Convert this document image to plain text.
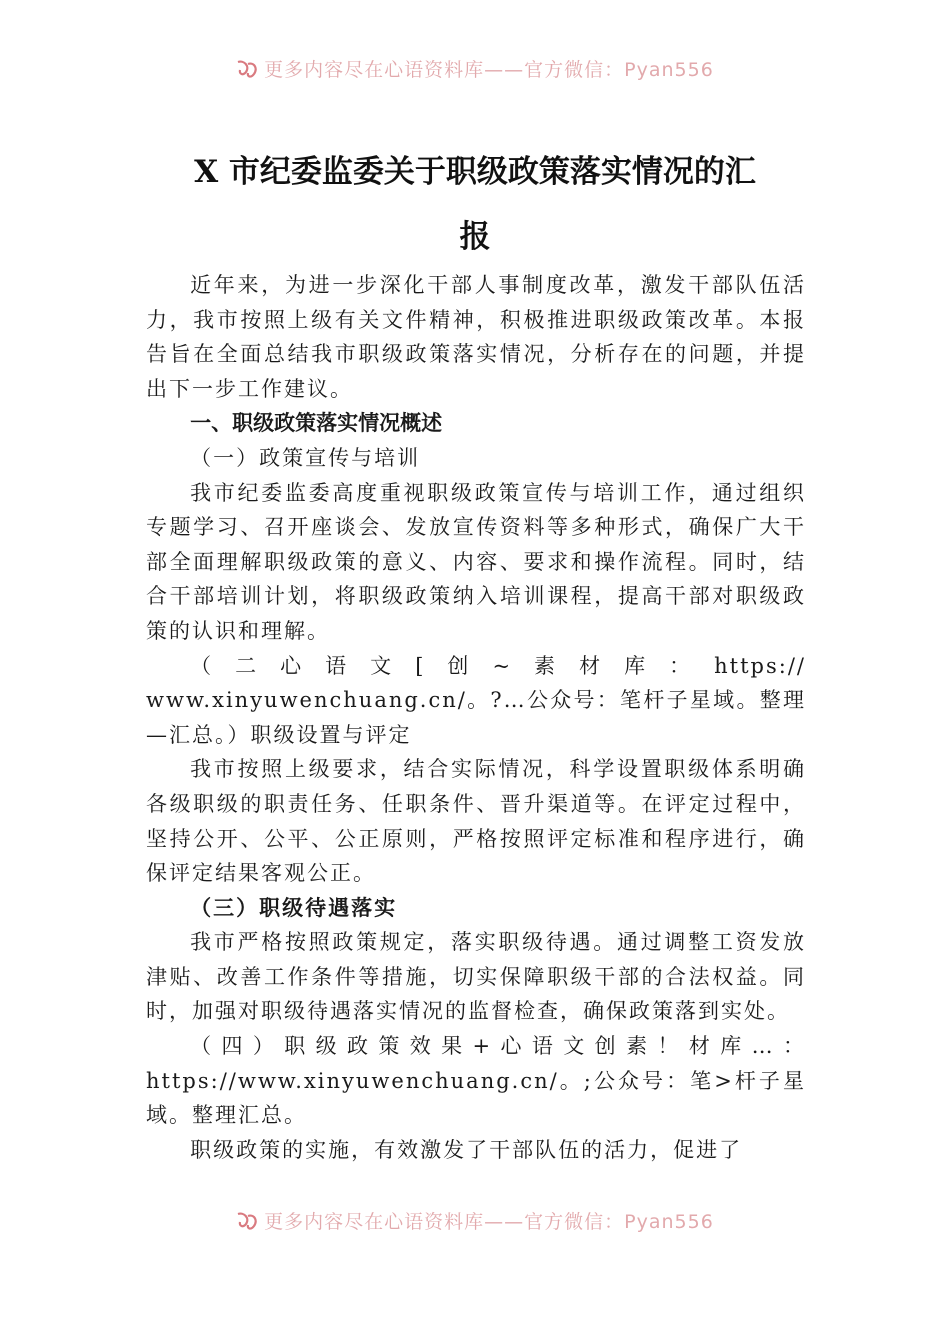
更多内容尽在心语资料库——官方微信：Pyan556
X 市纪委监委关于职级政策落实情况的汇
报

近年来，为进一步深化干部人事制度改革，激发干部队伍活力，我市按照上级有关文件精神，积极推进职级政策改革。本报告旨在全面总结我市职级政策落实情况，分析存在的问题，并提出下一步工作建议。

一、职级政策落实情况概述

（一）政策宣传与培训

我市纪委监委高度重视职级政策宣传与培训工作，通过组织专题学习、召开座谈会、发放宣传资料等多种形式，确保广大干部全面理解职级政策的意义、内容、要求和操作流程。同时，结合干部培训计划，将职级政策纳入培训课程，提高干部对职级政策的认识和理解。

（二心语文[创~素材库：https://

www.xinyuwenchuang.cn/。?…公众号：笔杆子星域。整理—汇总。）职级设置与评定

我市按照上级要求，结合实际情况，科学设置职级体系明确各级职级的职责任务、任职条件、晋升渠道等。在评定过程中，坚持公开、公平、公正原则，严格按照评定标准和程序进行，确保评定结果客观公正。

（三）职级待遇落实

我市严格按照政策规定，落实职级待遇。通过调整工资发放津贴、改善工作条件等措施，切实保障职级干部的合法权益。同时，加强对职级待遇落实情况的监督检查，确保政策落到实处。

（四）职级政策效果+心语文创素！材库…：https://www.xinyuwenchuang.cn/。;公众号：笔>杆子星域。整理汇总。

职级政策的实施，有效激发了干部队伍的活力，促进了

更多内容尽在心语资料库——官方微信：Pyan556
